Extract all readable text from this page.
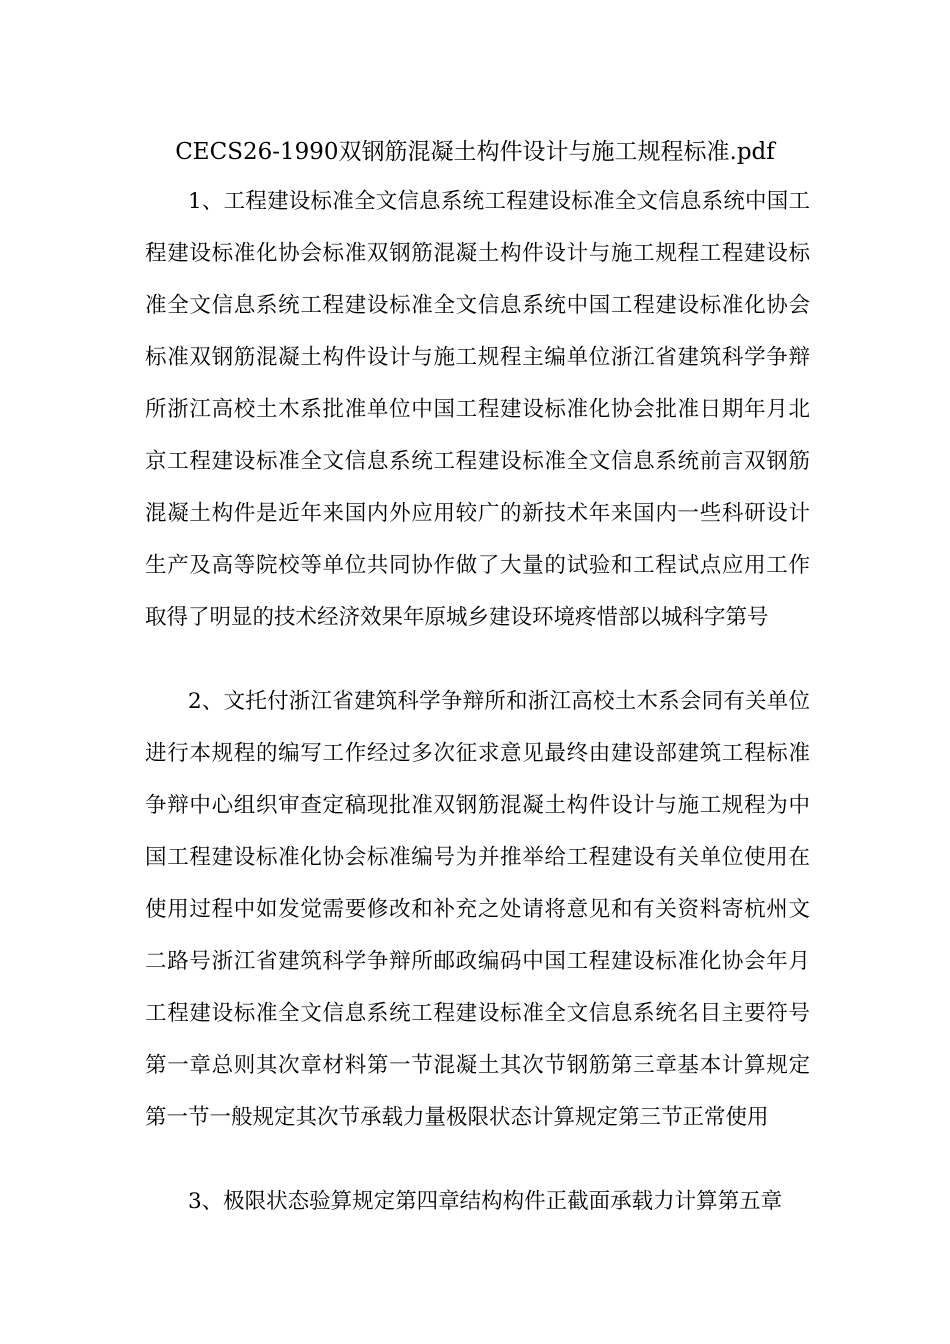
CECS26-1990双钢筋混凝土构件设计与施工规程标准.pdf

1、工程建设标准全文信息系统工程建设标准全文信息系统中国工程建设标准化协会标准双钢筋混凝土构件设计与施工规程工程建设标准全文信息系统工程建设标准全文信息系统中国工程建设标准化协会标准双钢筋混凝土构件设计与施工规程主编单位浙江省建筑科学争辩所浙江高校土木系批准单位中国工程建设标准化协会批准日期年月北京工程建设标准全文信息系统工程建设标准全文信息系统前言双钢筋混凝土构件是近年来国内外应用较广的新技术年来国内一些科研设计生产及高等院校等单位共同协作做了大量的试验和工程试点应用工作取得了明显的技术经济效果年原城乡建设环境疼惜部以城科字第号

2、文托付浙江省建筑科学争辩所和浙江高校土木系会同有关单位进行本规程的编写工作经过多次征求意见最终由建设部建筑工程标准争辩中心组织审查定稿现批准双钢筋混凝土构件设计与施工规程为中国工程建设标准化协会标准编号为并推举给工程建设有关单位使用在使用过程中如发觉需要修改和补充之处请将意见和有关资料寄杭州文二路号浙江省建筑科学争辩所邮政编码中国工程建设标准化协会年月工程建设标准全文信息系统工程建设标准全文信息系统名目主要符号第一章总则其次章材料第一节混凝土其次节钢筋第三章基本计算规定第一节一般规定其次节承载力量极限状态计算规定第三节正常使用

3、极限状态验算规定第四章结构构件正截面承载力计算第五章
